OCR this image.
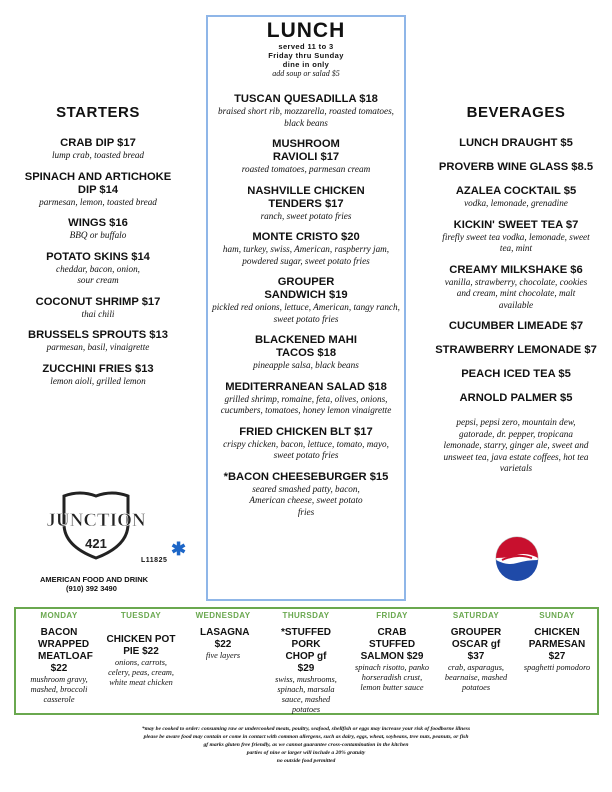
STARTERS
CRAB DIP $17
lump crab, toasted bread
SPINACH AND ARTICHOKE DIP $14
parmesan, lemon, toasted bread
WINGS $16
BBQ or buffalo
POTATO SKINS $14
cheddar, bacon, onion, sour cream
COCONUT SHRIMP $17
thai chili
BRUSSELS SPROUTS $13
parmesan, basil, vinaigrette
ZUCCHINI FRIES $13
lemon aioli, grilled lemon
JUNCTION
421	✱
L11825
AMERICAN FOOD AND DRINK
(910) 392 3490
LUNCH
served 11 to 3
Friday thru Sunday
dine in only
add soup or salad $5
TUSCAN QUESADILLA $18
braised short rib, mozzarella, roasted tomatoes, black beans
MUSHROOM RAVIOLI $17
roasted tomatoes, parmesan cream
NASHVILLE CHICKEN TENDERS $17
ranch, sweet potato fries
MONTE CRISTO $20
ham, turkey, swiss, American, raspberry jam, powdered sugar, sweet potato fries
GROUPER SANDWICH $19
pickled red onions, lettuce, American, tangy ranch, sweet potato fries
BLACKENED MAHI TACOS $18
pineapple salsa, black beans
MEDITERRANEAN SALAD $18
grilled shrimp, romaine, feta, olives, onions, cucumbers, tomatoes, honey lemon vinaigrette
FRIED CHICKEN BLT $17
crispy chicken, bacon, lettuce, tomato, mayo, sweet potato fries
*BACON CHEESEBURGER $15
seared smashed patty, bacon, American cheese, sweet potato fries
BEVERAGES
LUNCH DRAUGHT $5
PROVERB WINE GLASS $8.5
AZALEA COCKTAIL $5
vodka, lemonade, grenadine
KICKIN' SWEET TEA $7
firefly sweet tea vodka, lemonade, sweet tea, mint
CREAMY MILKSHAKE $6
vanilla, strawberry, chocolate, cookies and cream, mint chocolate, malt available
CUCUMBER LIMEADE $7
STRAWBERRY LEMONADE $7
PEACH ICED TEA $5
ARNOLD PALMER $5
pepsi, pepsi zero, mountain dew, gatorade, dr. pepper, tropicana lemonade, starry, ginger ale, sweet and unsweet tea, java estate coffees, hot tea varietals
MONDAY
BACON WRAPPED MEATLOAF $22
mushroom gravy, mashed, broccoli casserole
TUESDAY
CHICKEN POT PIE $22
onions, carrots, celery, peas, cream, white meat chicken
WEDNESDAY
LASAGNA $22
five layers
THURSDAY
*STUFFED PORK CHOP gf $29
swiss, mushrooms, spinach, marsala sauce, mashed potatoes
FRIDAY
CRAB STUFFED SALMON $29
spinach risotto, panko horseradish crust, lemon butter sauce
SATURDAY
GROUPER OSCAR gf $37
crab, asparagus, bearnaise, mashed potatoes
SUNDAY
CHICKEN PARMESAN $27
spaghetti pomodoro
*may be cooked to order: consuming raw or undercooked meats, poultry, seafood, shellfish or eggs may increase your risk of foodborne illness
please be aware food may contain or come in contact with common allergens, such as dairy, eggs, wheat, soybeans, tree nuts, peanuts, or fish
gf marks gluten free friendly, as we cannot guarantee cross-contamination in the kitchen
parties of nine or larger will include a 20% gratuity
no outside food permitted
